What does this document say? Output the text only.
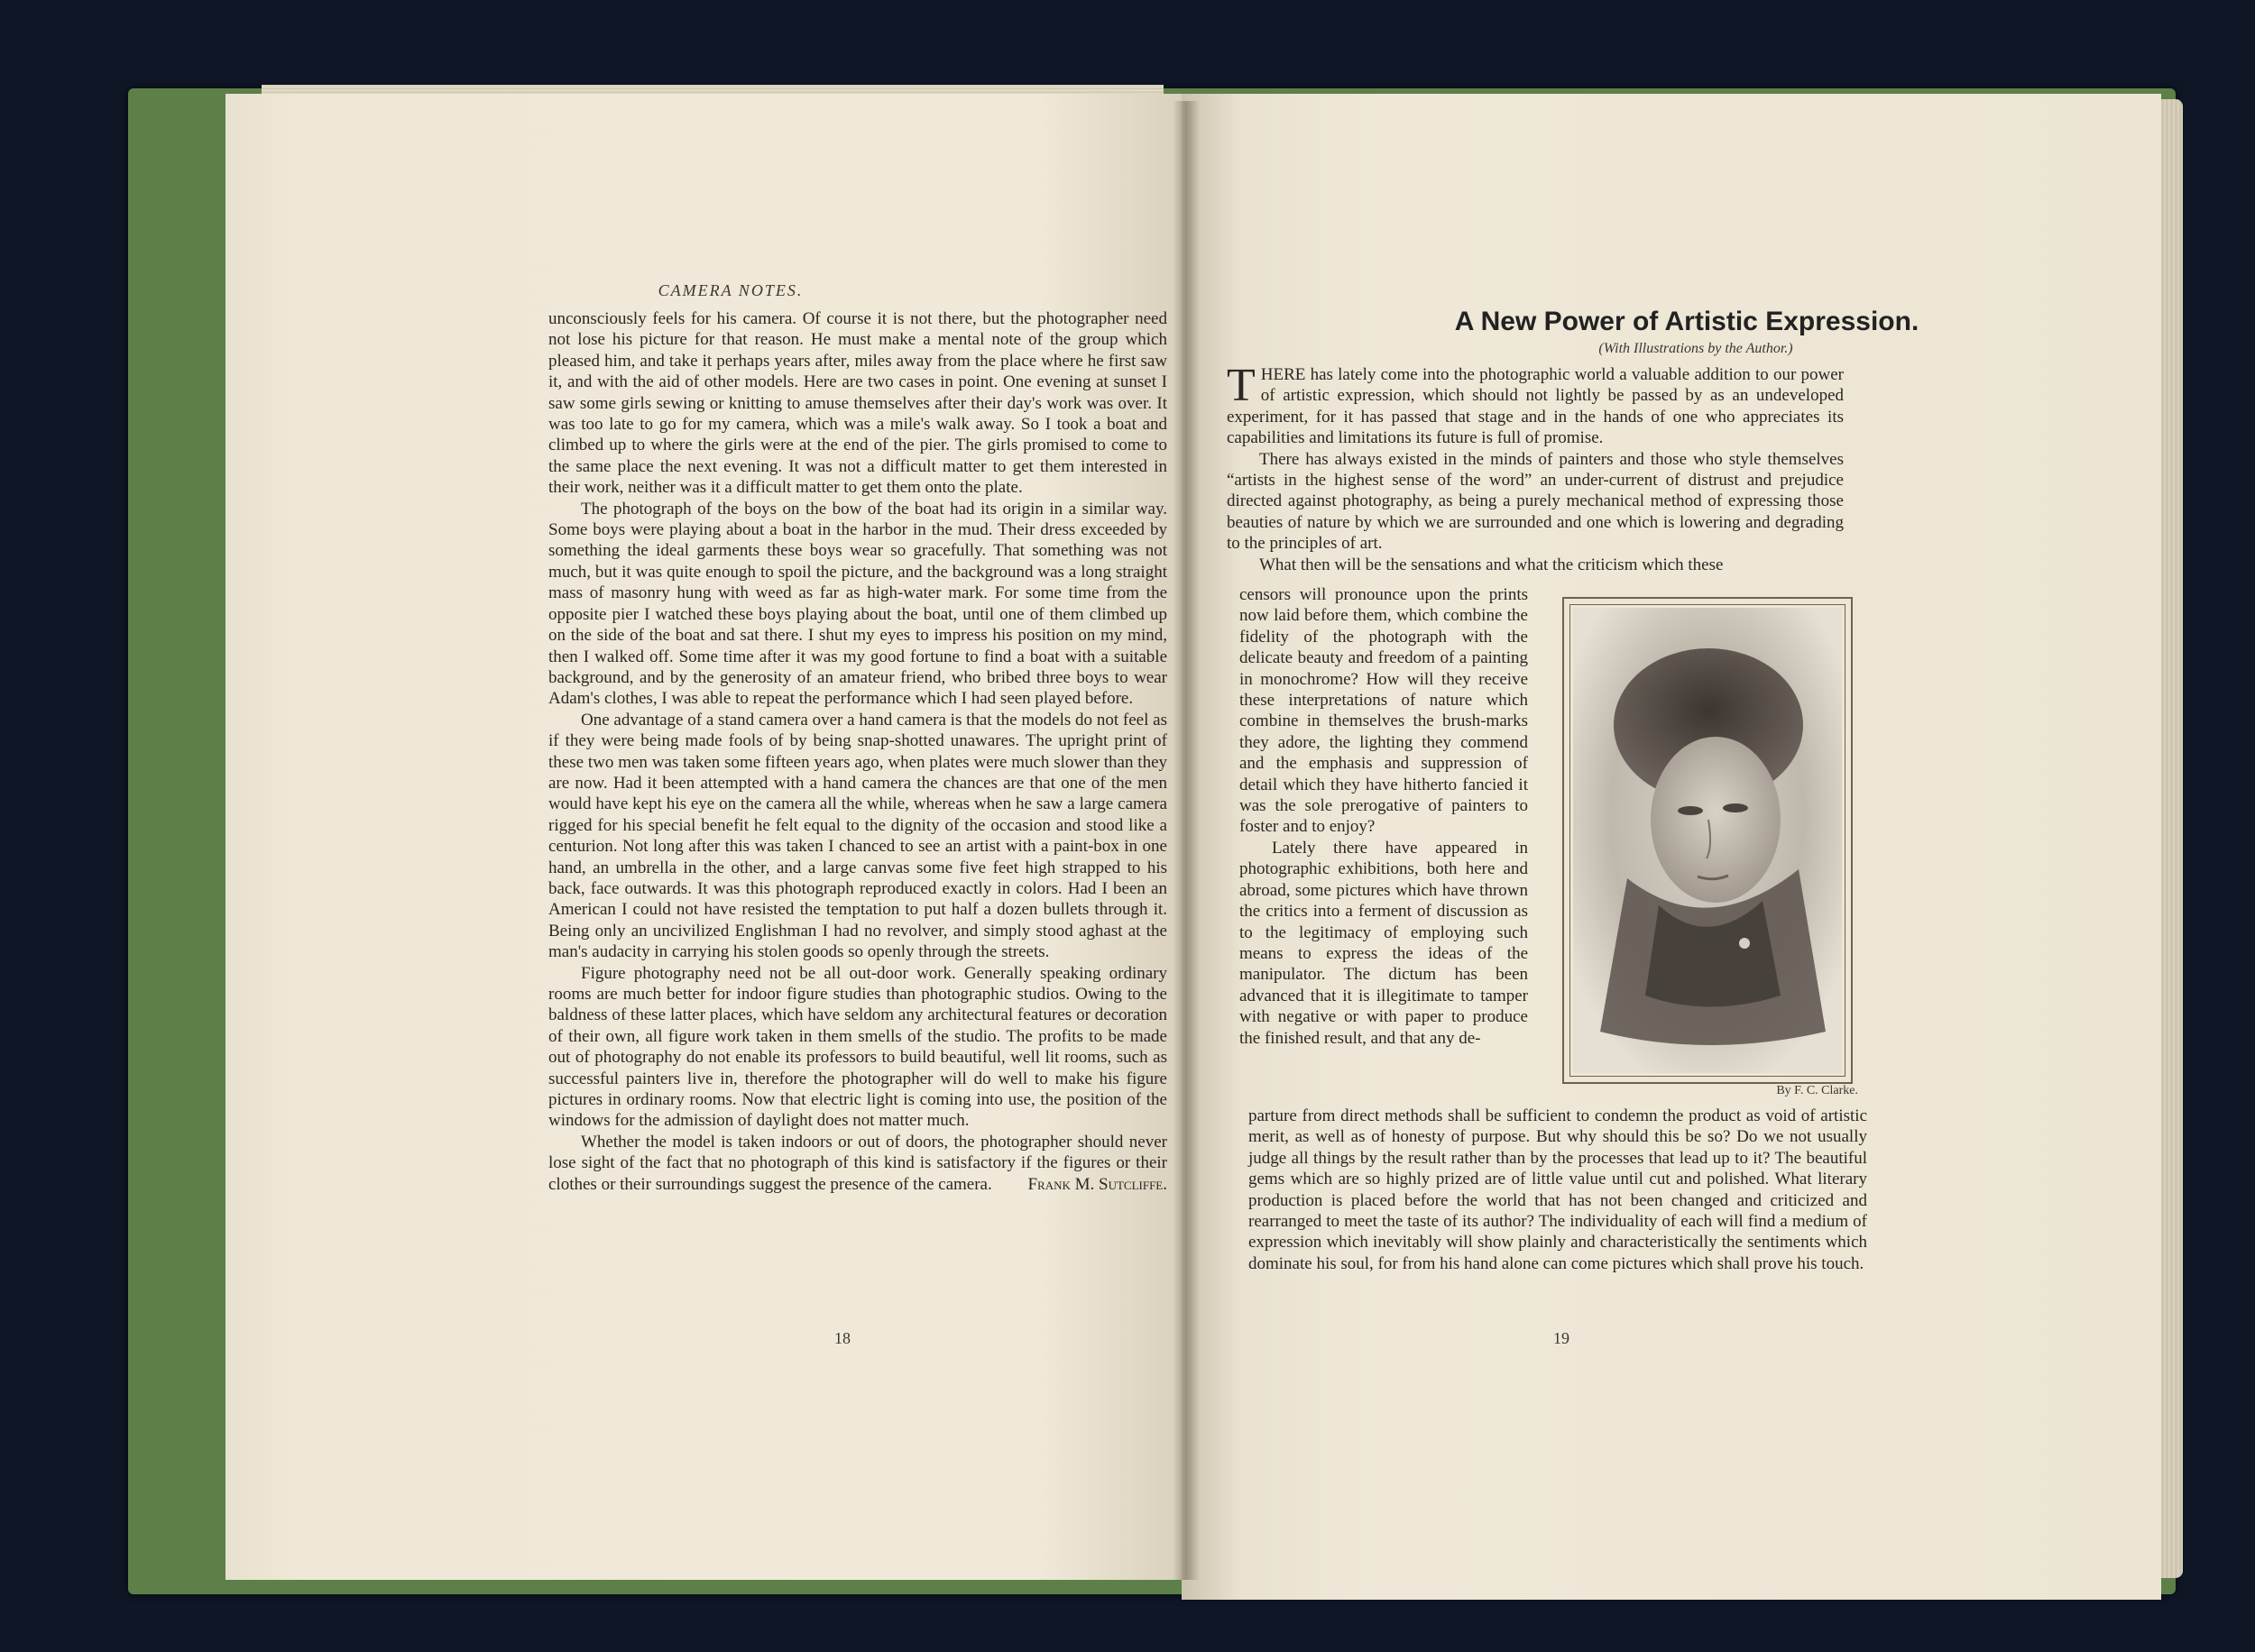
CAMERA NOTES.

unconsciously feels for his camera. Of course it is not there, but the photographer need not lose his picture for that reason. He must make a mental note of the group which pleased him, and take it perhaps years after, miles away from the place where he first saw it, and with the aid of other models. Here are two cases in point. One evening at sunset I saw some girls sewing or knitting to amuse themselves after their day's work was over. It was too late to go for my camera, which was a mile's walk away. So I took a boat and climbed up to where the girls were at the end of the pier. The girls promised to come to the same place the next evening. It was not a difficult matter to get them interested in their work, neither was it a difficult matter to get them onto the plate.

The photograph of the boys on the bow of the boat had its origin in a similar way. Some boys were playing about a boat in the harbor in the mud. Their dress exceeded by something the ideal garments these boys wear so gracefully. That something was not much, but it was quite enough to spoil the picture, and the background was a long straight mass of masonry hung with weed as far as high-water mark. For some time from the opposite pier I watched these boys playing about the boat, until one of them climbed up on the side of the boat and sat there. I shut my eyes to impress his position on my mind, then I walked off. Some time after it was my good fortune to find a boat with a suitable background, and by the generosity of an amateur friend, who bribed three boys to wear Adam's clothes, I was able to repeat the performance which I had seen played before.

One advantage of a stand camera over a hand camera is that the models do not feel as if they were being made fools of by being snap-shotted unawares. The upright print of these two men was taken some fifteen years ago, when plates were much slower than they are now. Had it been attempted with a hand camera the chances are that one of the men would have kept his eye on the camera all the while, whereas when he saw a large camera rigged for his special benefit he felt equal to the dignity of the occasion and stood like a centurion. Not long after this was taken I chanced to see an artist with a paint-box in one hand, an umbrella in the other, and a large canvas some five feet high strapped to his back, face outwards. It was this photograph reproduced exactly in colors. Had I been an American I could not have resisted the temptation to put half a dozen bullets through it. Being only an uncivilized Englishman I had no revolver, and simply stood aghast at the man's audacity in carrying his stolen goods so openly through the streets.

Figure photography need not be all out-door work. Generally speaking ordinary rooms are much better for indoor figure studies than photographic studios. Owing to the baldness of these latter places, which have seldom any architectural features or decoration of their own, all figure work taken in them smells of the studio. The profits to be made out of photography do not enable its professors to build beautiful, well lit rooms, such as successful painters live in, therefore the photographer will do well to make his figure pictures in ordinary rooms. Now that electric light is coming into use, the position of the windows for the admission of daylight does not matter much.

Whether the model is taken indoors or out of doors, the photographer should never lose sight of the fact that no photograph of this kind is satisfactory if the figures or their clothes or their surroundings suggest the presence of the camera.	Frank M. Sutcliffe.
18
A New Power of Artistic Expression.
(With Illustrations by the Author.)

THERE has lately come into the photographic world a valuable addition to our power of artistic expression, which should not lightly be passed by as an undeveloped experiment, for it has passed that stage and in the hands of one who appreciates its capabilities and limitations its future is full of promise.

There has always existed in the minds of painters and those who style themselves “artists in the highest sense of the word” an under-current of distrust and prejudice directed against photography, as being a purely mechanical method of expressing those beauties of nature by which we are surrounded and one which is lowering and degrading to the principles of art.

What then will be the sensations and what the criticism which these

censors will pronounce upon the prints now laid before them, which combine the fidelity of the photograph with the delicate beauty and freedom of a painting in monochrome? How will they receive these interpretations of nature which combine in themselves the brush-marks they adore, the lighting they commend and the emphasis and suppression of detail which they have hitherto fancied it was the sole prerogative of painters to foster and to enjoy?

Lately there have appeared in photographic exhibitions, both here and abroad, some pictures which have thrown the critics into a ferment of discussion as to the legitimacy of employing such means to express the ideas of the manipulator. The dictum has been advanced that it is illegitimate to tamper with negative or with paper to produce the finished result, and that any de-

parture from direct methods shall be sufficient to condemn the product as void of artistic merit, as well as of honesty of purpose. But why should this be so? Do we not usually judge all things by the result rather than by the processes that lead up to it? The beautiful gems which are so highly prized are of little value until cut and polished. What literary production is placed before the world that has not been changed and criticized and rearranged to meet the taste of its author? The individuality of each will find a medium of expression which inevitably will show plainly and characteristically the sentiments which dominate his soul, for from his hand alone can come pictures which shall prove his touch.

By F. C. Clarke.
19
